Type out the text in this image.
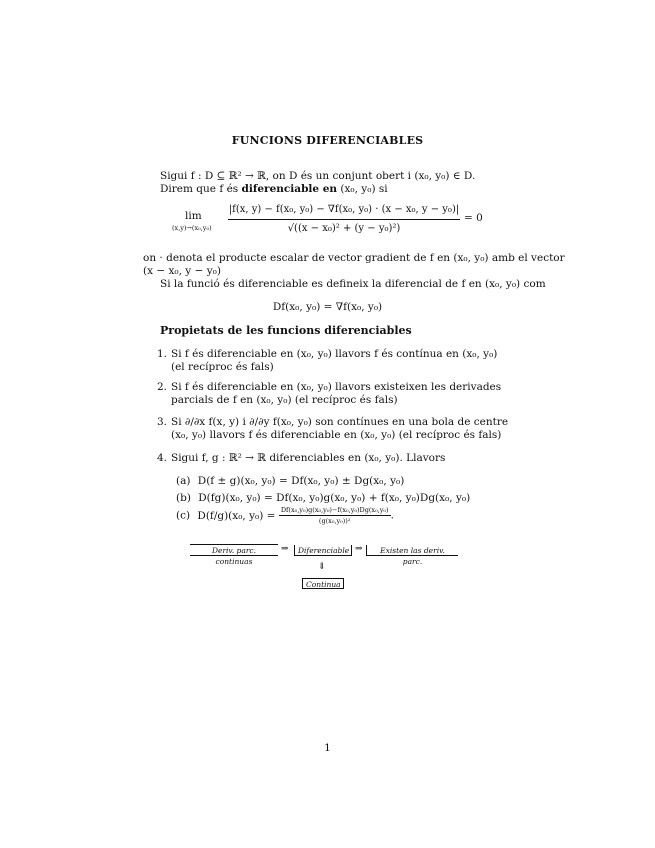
FUNCIONS DIFERENCIABLES
Sigui f : D ⊆ ℝ² → ℝ, on D és un conjunt obert i (x₀, y₀) ∈ D.
Direm que f és diferenciable en (x₀, y₀) si
lim
(x,y)→(x₀,y₀)
|f(x, y) − f(x₀, y₀) − ∇f(x₀, y₀) · (x − x₀, y − y₀)|
√((x − x₀)² + (y − y₀)²)
= 0
on · denota el producte escalar de vector gradient de f en (x₀, y₀) amb el vector
(x − x₀, y − y₀)
Si la funció és diferenciable es defineix la diferencial de f en (x₀, y₀) com
Df(x₀, y₀) = ∇f(x₀, y₀)
Propietats de les funcions diferenciables
1. Si f és diferenciable en (x₀, y₀) llavors f és contínua en (x₀, y₀) (el recíproc és fals)
2. Si f és diferenciable en (x₀, y₀) llavors existeixen les derivades parcials de f en (x₀, y₀) (el recíproc és fals)
3. Si ∂/∂x f(x, y) i ∂/∂y f(x₀, y₀) son contínues en una bola de centre (x₀, y₀) llavors f és diferenciable en (x₀, y₀) (el recíproc és fals)
4. Sigui f, g : ℝ² → ℝ diferenciables en (x₀, y₀). Llavors
(a) D(f ± g)(x₀, y₀) = Df(x₀, y₀) ± Dg(x₀, y₀)
(b) D(fg)(x₀, y₀) = Df(x₀, y₀)g(x₀, y₀) + f(x₀, y₀)Dg(x₀, y₀)
(c) D(f/g)(x₀, $y_0) = \frac{\text{Df(x₀,y₀)g(x₀,y₀)−f(x₀,y₀)Dg(x₀,y₀)}}{\text{(g(x₀,y₀))²}}$ .
Deriv. parc. continuas
⇒	Diferenciable ⇒	Existen las deriv. parc.
⇓
Continua
1
